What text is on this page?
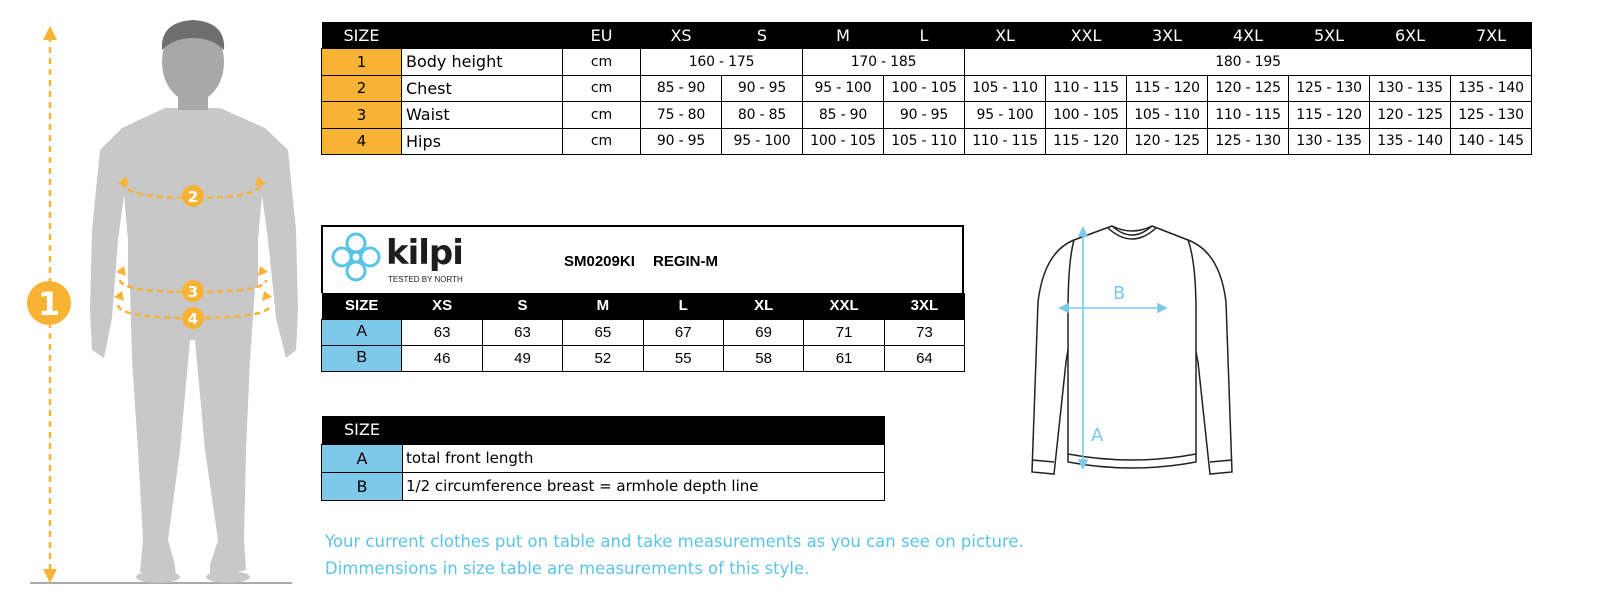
1
2
3
4
SIZE		EU	XS	S	M	L	XL	XXL	3XL	4XL	5XL	6XL	7XL
1	Body height	cm	160 - 175		170 - 185		180 - 195						
2	Chest	cm	85 - 90	90 - 95	95 - 100	100 - 105	105 - 110	110 - 115	115 - 120	120 - 125	125 - 130	130 - 135	135 - 140
3	Waist	cm	75 - 80	80 - 85	85 - 90	90 - 95	95 - 100	100 - 105	105 - 110	110 - 115	115 - 120	120 - 125	125 - 130
4	Hips	cm	90 - 95	95 - 100	100 - 105	105 - 110	110 - 115	115 - 120	120 - 125	125 - 130	130 - 135	135 - 140	140 - 145
kilpi
TESTED BY NORTH
SM0209KI REGIN-M
SIZE	XS	S	M	L	XL	XXL	3XL
A	63	63	65	67	69	71	73
B	46	49	52	55	58	61	64
SIZE	
A	total front length
B	1/2 circumference breast = armhole depth line
Your current clothes put on table and take measurements as you can see on picture.
Dimmensions in size table are measurements of this style.
B
A
